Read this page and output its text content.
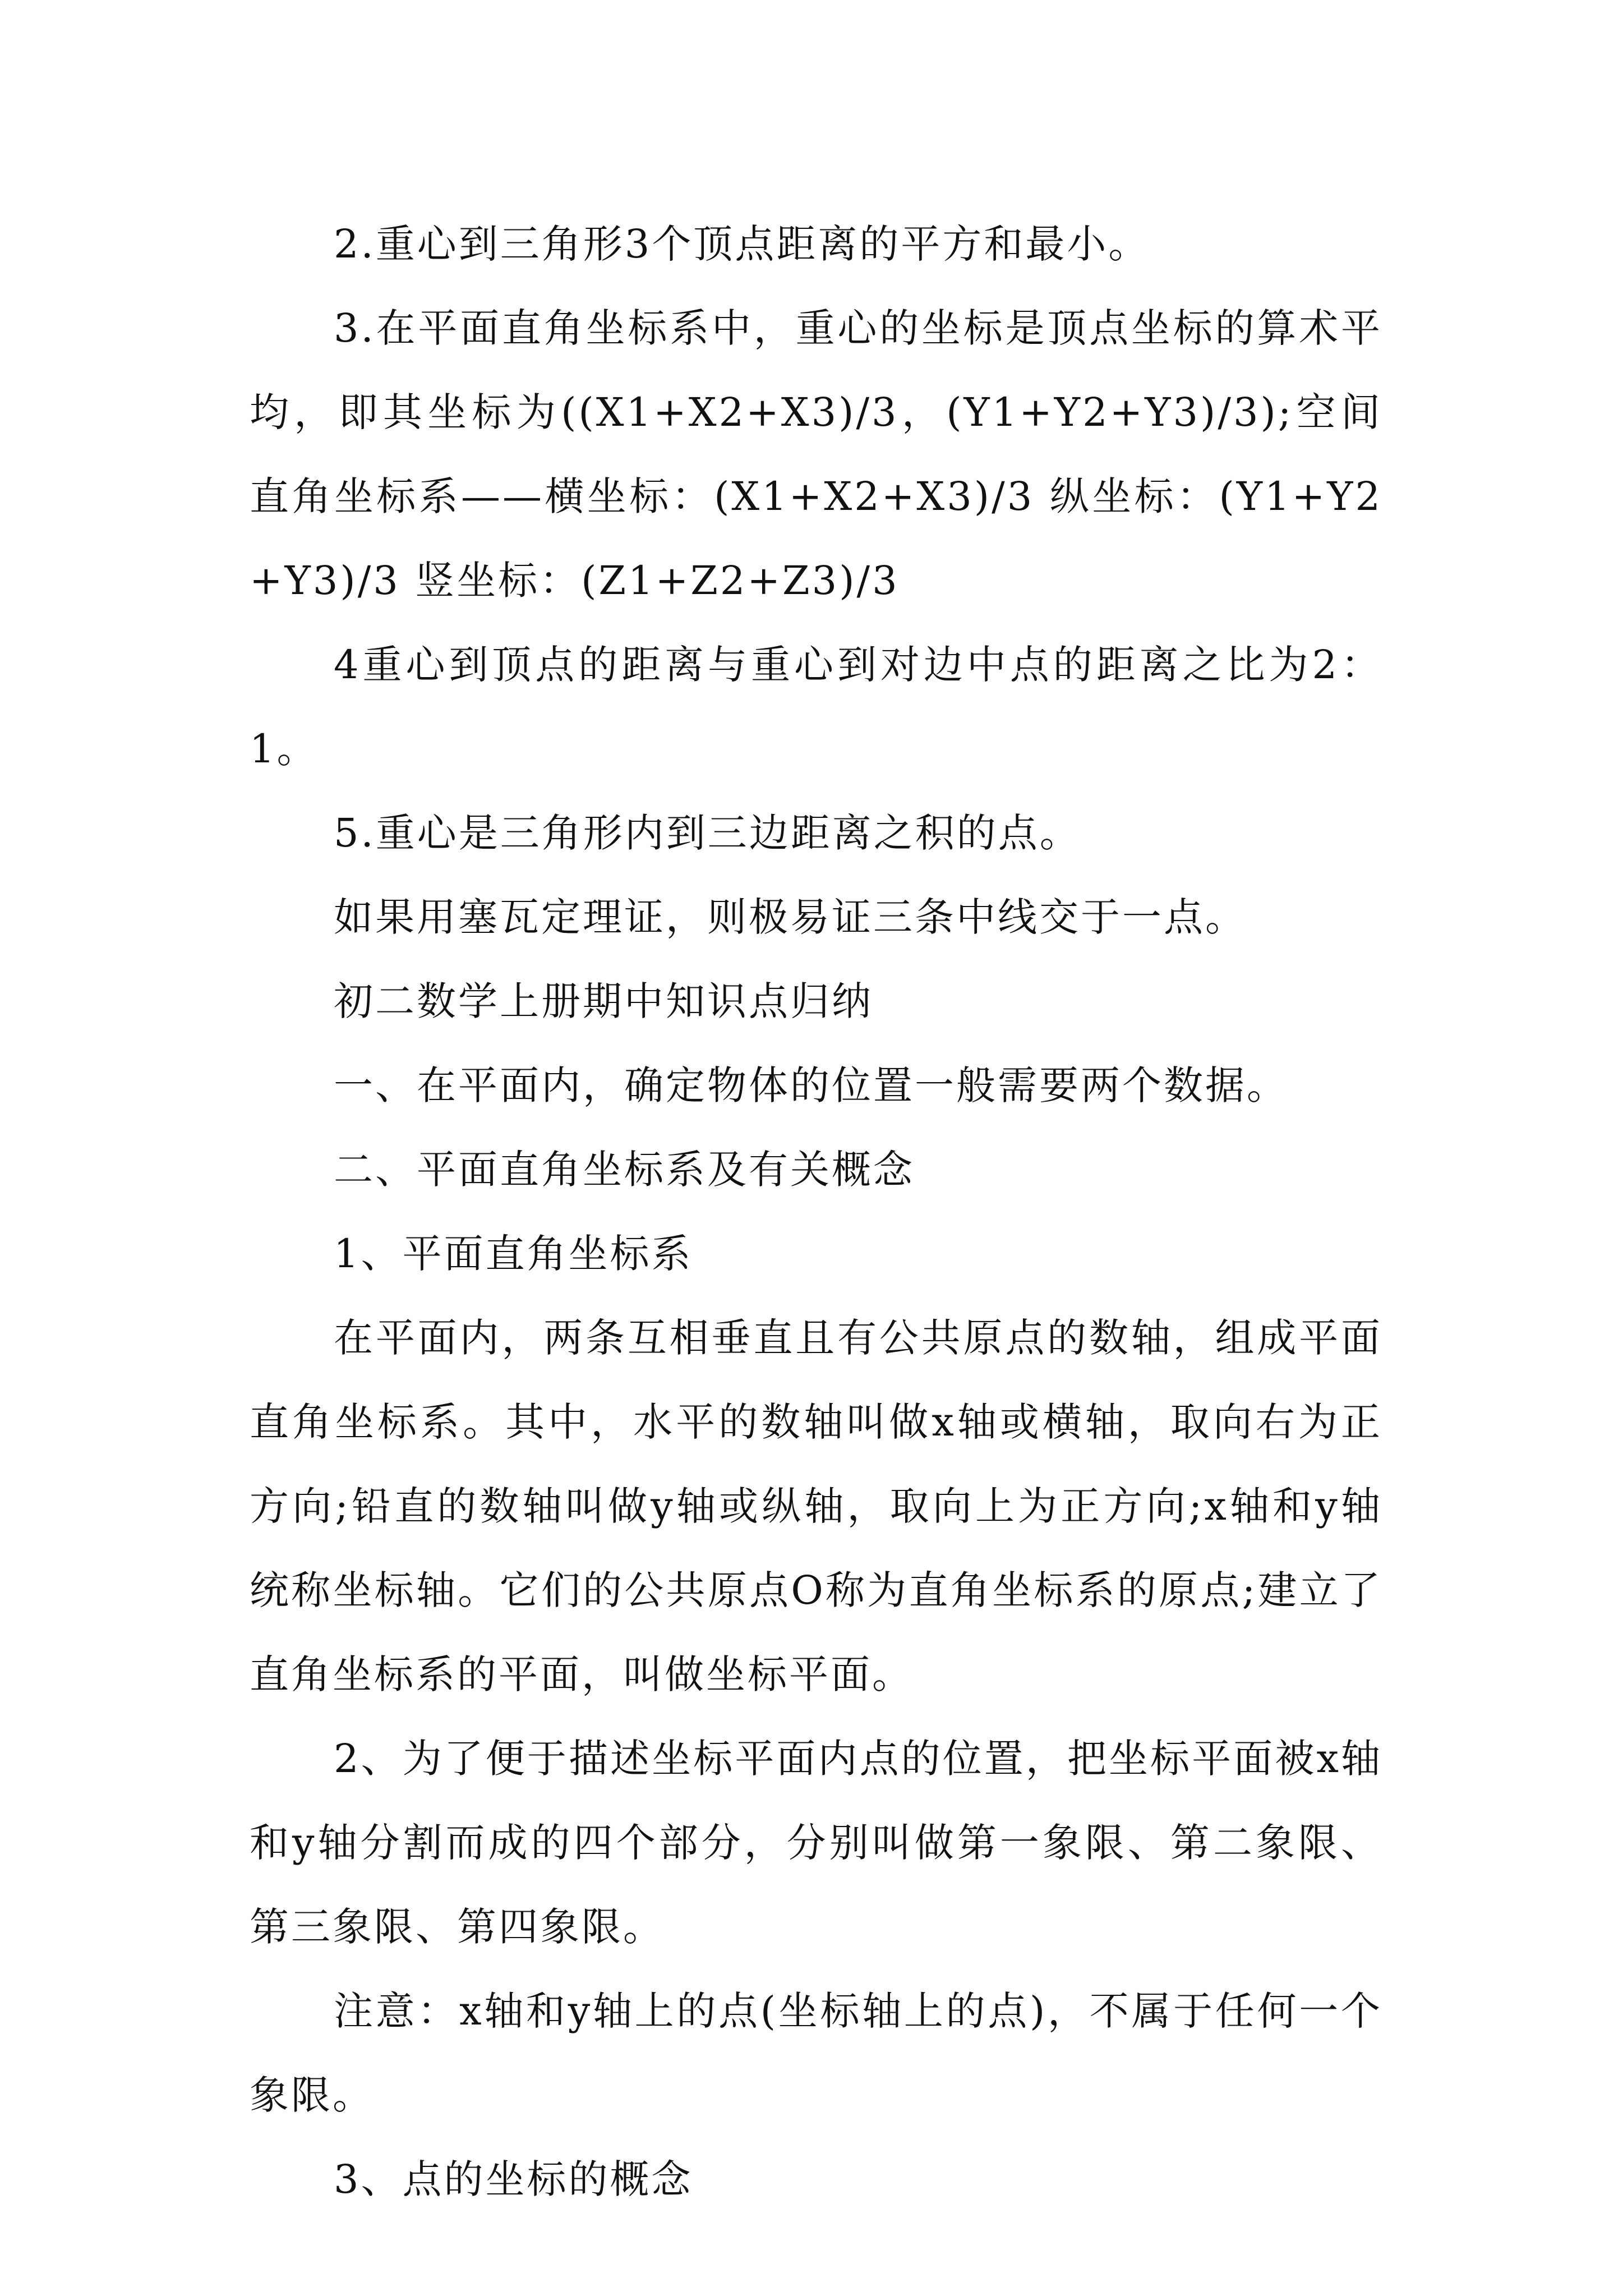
2.重心到三角形3个顶点距离的平方和最小。

3.在平面直角坐标系中，重心的坐标是顶点坐标的算术平均，即其坐标为((X1+X2+X3)/3，(Y1+Y2+Y3)/3);空间直角坐标系——横坐标：(X1+X2+X3)/3 纵坐标：(Y1+Y2+Y3)/3 竖坐标：(Z1+Z2+Z3)/3

4重心到顶点的距离与重心到对边中点的距离之比为2：1。

5.重心是三角形内到三边距离之积的点。

如果用塞瓦定理证，则极易证三条中线交于一点。

初二数学上册期中知识点归纳

一、在平面内，确定物体的位置一般需要两个数据。

二、平面直角坐标系及有关概念

1、平面直角坐标系

在平面内，两条互相垂直且有公共原点的数轴，组成平面直角坐标系。其中，水平的数轴叫做x轴或横轴，取向右为正方向;铅直的数轴叫做y轴或纵轴，取向上为正方向;x轴和y轴统称坐标轴。它们的公共原点O称为直角坐标系的原点;建立了直角坐标系的平面，叫做坐标平面。

2、为了便于描述坐标平面内点的位置，把坐标平面被x轴和y轴分割而成的四个部分，分别叫做第一象限、第二象限、第三象限、第四象限。

注意：x轴和y轴上的点(坐标轴上的点)，不属于任何一个象限。

3、点的坐标的概念
